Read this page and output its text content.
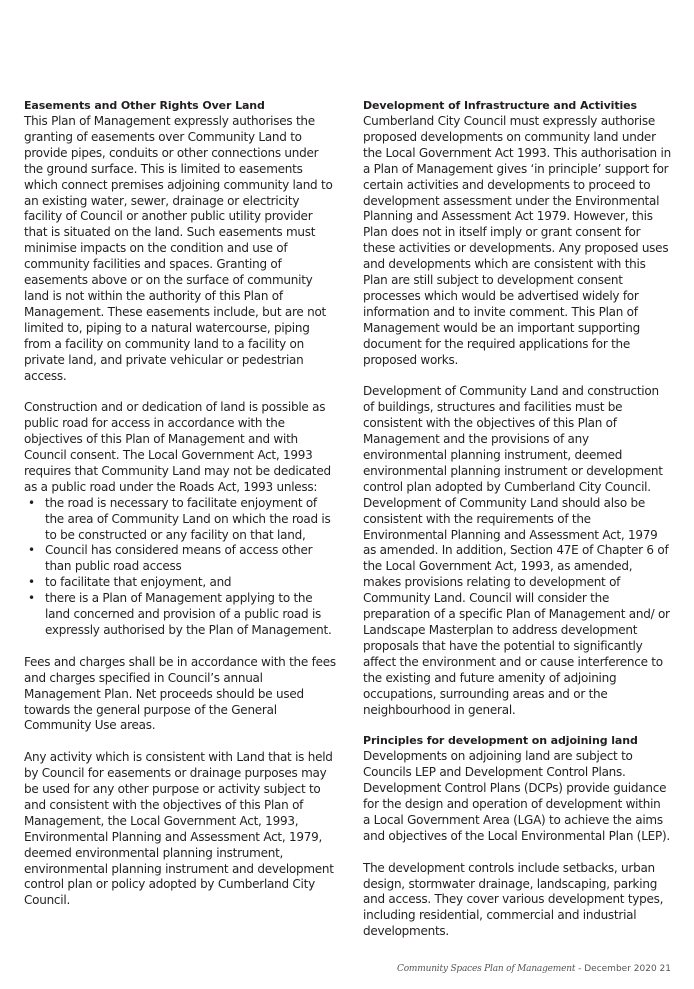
Easements and Other Rights Over Land

This Plan of Management expressly authorises the granting of easements over Community Land to provide pipes, conduits or other connections under the ground surface. This is limited to easements which connect premises adjoining community land to an existing water, sewer, drainage or electricity facility of Council or another public utility provider that is situated on the land. Such easements must minimise impacts on the condition and use of community facilities and spaces. Granting of easements above or on the surface of community land is not within the authority of this Plan of Management. These easements include, but are not limited to, piping to a natural watercourse, piping from a facility on community land to a facility on private land, and private vehicular or pedestrian access.

Construction and or dedication of land is possible as public road for access in accordance with the objectives of this Plan of Management and with Council consent. The Local Government Act, 1993 requires that Community Land may not be dedicated as a public road under the Roads Act, 1993 unless:

• the road is necessary to facilitate enjoyment of the area of Community Land on which the road is to be constructed or any facility on that land,
• Council has considered means of access other than public road access
• to facilitate that enjoyment, and
• there is a Plan of Management applying to the land concerned and provision of a public road is expressly authorised by the Plan of Management.

Fees and charges shall be in accordance with the fees and charges specified in Council’s annual Management Plan. Net proceeds should be used towards the general purpose of the General Community Use areas.

Any activity which is consistent with Land that is held by Council for easements or drainage purposes may be used for any other purpose or activity subject to and consistent with the objectives of this Plan of Management, the Local Government Act, 1993, Environmental Planning and Assessment Act, 1979, deemed environmental planning instrument, environmental planning instrument and development control plan or policy adopted by Cumberland City Council.

Development of Infrastructure and Activities

Cumberland City Council must expressly authorise proposed developments on community land under the Local Government Act 1993. This authorisation in a Plan of Management gives ‘in principle’ support for certain activities and developments to proceed to development assessment under the Environmental Planning and Assessment Act 1979. However, this Plan does not in itself imply or grant consent for these activities or developments. Any proposed uses and developments which are consistent with this Plan are still subject to development consent processes which would be advertised widely for information and to invite comment. This Plan of Management would be an important supporting document for the required applications for the proposed works.

Development of Community Land and construction of buildings, structures and facilities must be consistent with the objectives of this Plan of Management and the provisions of any environmental planning instrument, deemed environmental planning instrument or development control plan adopted by Cumberland City Council. Development of Community Land should also be consistent with the requirements of the Environmental Planning and Assessment Act, 1979 as amended. In addition, Section 47E of Chapter 6 of the Local Government Act, 1993, as amended, makes provisions relating to development of Community Land. Council will consider the preparation of a specific Plan of Management and/ or Landscape Masterplan to address development proposals that have the potential to significantly affect the environment and or cause interference to the existing and future amenity of adjoining occupations, surrounding areas and or the neighbourhood in general.

Principles for development on adjoining land

Developments on adjoining land are subject to Councils LEP and Development Control Plans. Development Control Plans (DCPs) provide guidance for the design and operation of development within a Local Government Area (LGA) to achieve the aims and objectives of the Local Environmental Plan (LEP).

The development controls include setbacks, urban design, stormwater drainage, landscaping, parking and access. They cover various development types, including residential, commercial and industrial developments.

Community Spaces Plan of Management - December 2020 21
